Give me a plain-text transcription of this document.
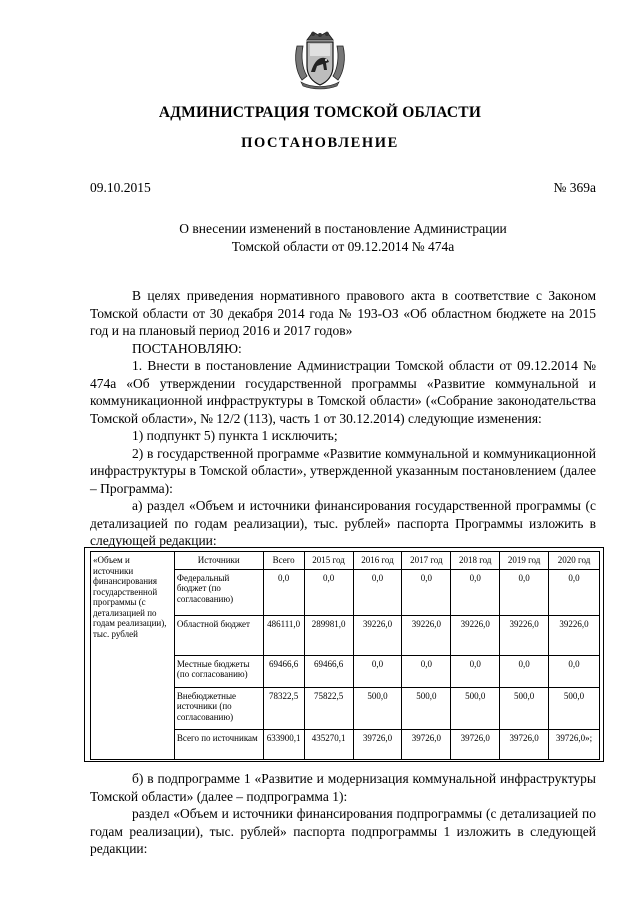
АДМИНИСТРАЦИЯ ТОМСКОЙ ОБЛАСТИ
ПОСТАНОВЛЕНИЕ
09.10.2015	№ 369а
О внесении изменений в постановление Администрации
Томской области от 09.12.2014 № 474а

В целях приведения нормативного правового акта в соответствие с Законом Томской области от 30 декабря 2014 года № 193-ОЗ «Об областном бюджете на 2015 год и на плановый период 2016 и 2017 годов»

ПОСТАНОВЛЯЮ:

1. Внести в постановление Администрации Томской области от 09.12.2014 № 474а «Об утверждении государственной программы «Развитие коммунальной и коммуникационной инфраструктуры в Томской области» («Собрание законодательства Томской области», № 12/2 (113), часть 1 от 30.12.2014) следующие изменения:

1) подпункт 5) пункта 1 исключить;

2) в государственной программе «Развитие коммунальной и коммуникационной инфраструктуры в Томской области», утвержденной указанным постановлением (далее – Программа):

а) раздел «Объем и источники финансирования государственной программы (с детализацией по годам реализации), тыс. рублей» паспорта Программы изложить в следующей редакции:

«Объем и источники финансирования государственной программы (с детализацией по годам реализации), тыс. рублей	Источники	Всего	2015 год	2016 год	2017 год	2018 год	2019 год	2020 год
	Федеральный бюджет (по согласованию)	0,0	0,0	0,0	0,0	0,0	0,0	0,0
	Областной бюджет	486111,0	289981,0	39226,0	39226,0	39226,0	39226,0	39226,0
	Местные бюджеты (по согласованию)	69466,6	69466,6	0,0	0,0	0,0	0,0	0,0
	Внебюджетные источники (по согласованию)	78322,5	75822,5	500,0	500,0	500,0	500,0	500,0
	Всего по источникам	633900,1	435270,1	39726,0	39726,0	39726,0	39726,0	39726,0»;

б) в подпрограмме 1 «Развитие и модернизация коммунальной инфраструктуры Томской области» (далее – подпрограмма 1):

раздел «Объем и источники финансирования подпрограммы (с детализацией по годам реализации), тыс. рублей» паспорта подпрограммы 1 изложить в следующей редакции:
